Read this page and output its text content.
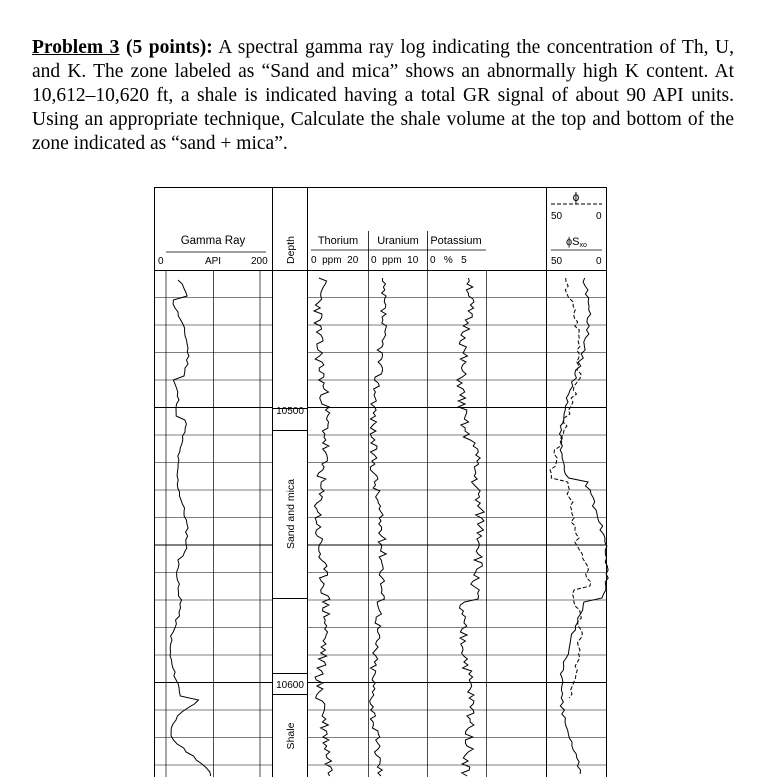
Problem 3 (5 points): A spectral gamma ray log indicating the concentration of Th, U, and K. The zone labeled as “Sand and mica” shows an abnormally high K content. At 10,612–10,620 ft, a shale is indicated having a total GR signal of about 90 API units. Using an appropriate technique, Calculate the shale volume at the top and bottom of the zone indicated as “sand + mica”.
Gamma Ray
API
0	200 Depth Thorium Uranium Potassium
0  ppm  20 0  ppm  10 0   %   5
ϕ
50	0
ϕSxo
50	0
10500
10600
Sand and mica
Shale
